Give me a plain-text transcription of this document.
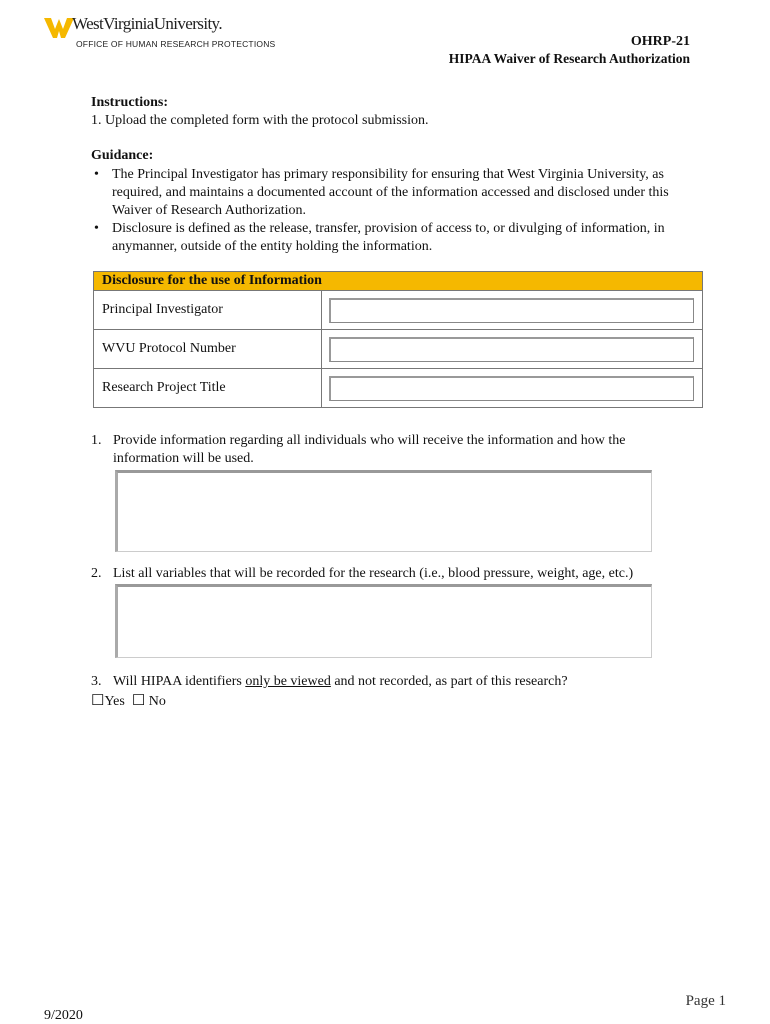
WestVirginiaUniversity.
OFFICE OF HUMAN RESEARCH PROTECTIONS	OHRP-21
HIPAA Waiver of Research Authorization
Instructions:
1. Upload the completed form with the protocol submission.
Guidance:
• The Principal Investigator has primary responsibility for ensuring that West Virginia University, as required, and maintains a documented account of the information accessed and disclosed under this Waiver of Research Authorization.
• Disclosure is defined as the release, transfer, provision of access to, or divulging of information, in anymanner, outside of the entity holding the information.
Disclosure for the use of Information	
Principal Investigator	

WVU Protocol Number	

Research Project Title	
1. Provide information regarding all individuals who will receive the information and how the
information will be used.
2. List all variables that will be recorded for the research (i.e., blood pressure, weight, age, etc.)
3. Will HIPAA identifiers only be viewed and not recorded, as part of this research?
☐Yes ☐ No
Page 1
9/2020
